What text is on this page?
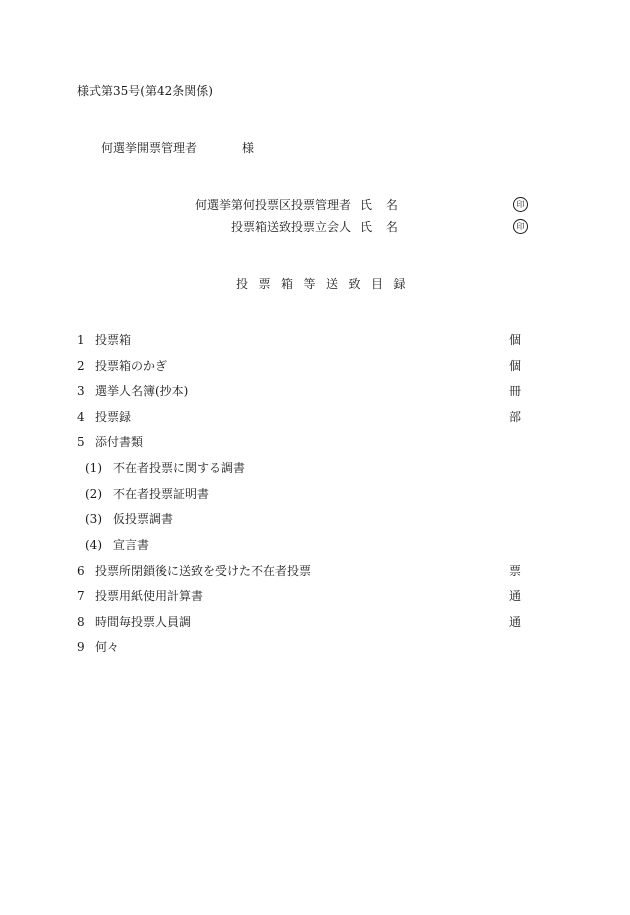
様式第35号(第42条関係)
何選挙開票管理者	様
何選挙第何投票区投票管理者 氏 名	印
投票箱送致投票立会人 氏 名	印
投票箱等送致目録
1 投票箱	個
2 投票箱のかぎ	個
3 選挙人名簿(抄本)	冊
4 投票録	部
5 添付書類
(1) 不在者投票に関する調書
(2) 不在者投票証明書
(3) 仮投票調書
(4) 宣言書
6 投票所閉鎖後に送致を受けた不在者投票	票
7 投票用紙使用計算書	通
8 時間毎投票人員調	通
9 何々
